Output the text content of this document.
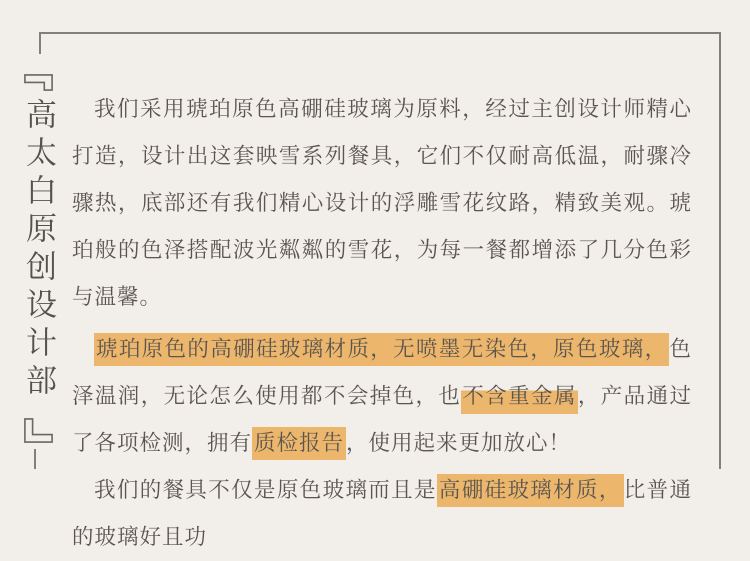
高太白原创设计部	我们采用琥珀原色高硼硅玻璃为原料，经过主创设计师精心打造，设计出这套映雪系列餐具，它们不仅耐高低温，耐骤冷骤热，底部还有我们精心设计的浮雕雪花纹路，精致美观。琥珀般的色泽搭配波光粼粼的雪花，为每一餐都增添了几分色彩与温馨。

琥珀原色的高硼硅玻璃材质，无喷墨无染色，原色玻璃，色泽温润，无论怎么使用都不会掉色，也不含重金属，产品通过了各项检测，拥有质检报告，使用起来更加放心！

我们的餐具不仅是原色玻璃而且是高硼硅玻璃材质，比普通的玻璃好且功
